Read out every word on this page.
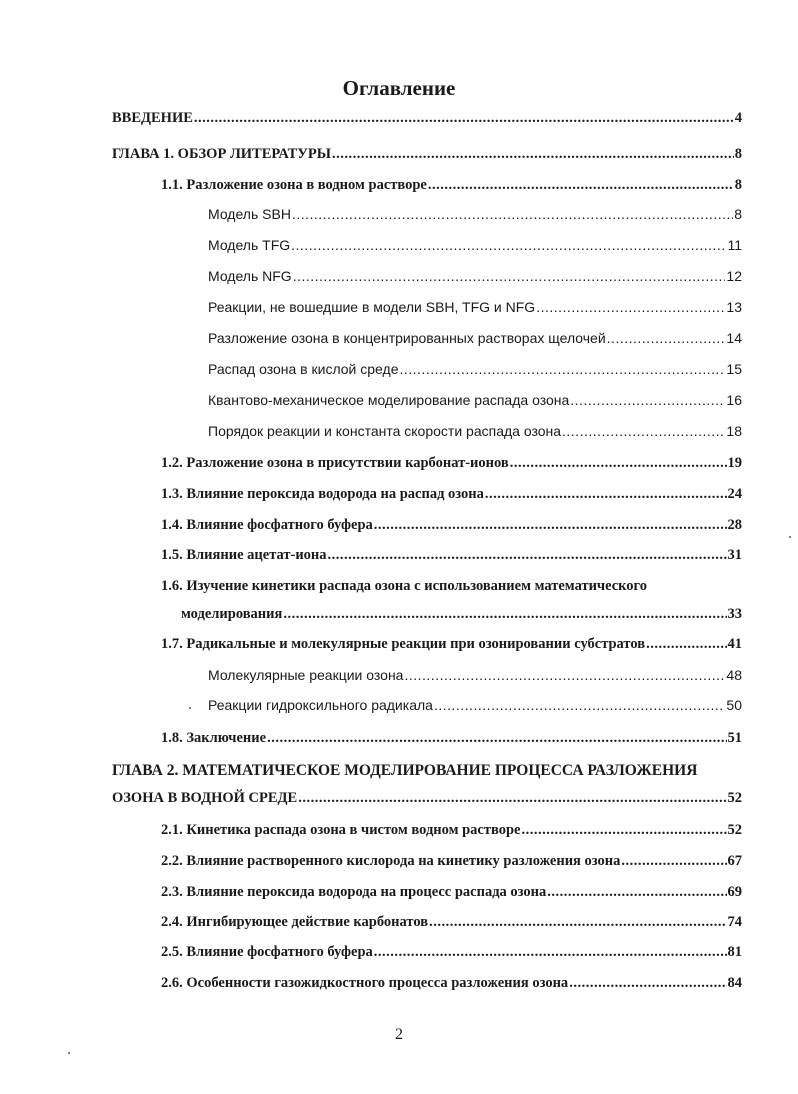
Оглавление
ВВЕДЕНИЕ .....	4
ГЛАВА 1. ОБЗОР ЛИТЕРАТУРЫ .....	8
1.1. Разложение озона в водном растворе .....	8
Модель SBH .....	8
Модель TFG .....	11
Модель NFG .....	12
Реакции, не вошедшие в модели SBH, TFG и NFG .....	13
Разложение озона в концентрированных растворах щелочей .....	14
Распад озона в кислой среде .....	15
Квантово-механическое моделирование распада озона .....	16
Порядок реакции и константа скорости распада озона .....	18
1.2. Разложение озона в присутствии карбонат-ионов .....	19
1.3. Влияние пероксида водорода на распад озона .....	24
1.4. Влияние фосфатного буфера .....	28
1.5. Влияние ацетат-иона .....	31
1.6. Изучение кинетики распада озона с использованием математического
моделирования .....	33
1.7. Радикальные и молекулярные реакции при озонировании субстратов .....	41
Молекулярные реакции озона .....	48
Реакции гидроксильного радикала .....	50
1.8. Заключение .....	51
ГЛАВА 2. МАТЕМАТИЧЕСКОЕ МОДЕЛИРОВАНИЕ ПРОЦЕССА РАЗЛОЖЕНИЯ
ОЗОНА В ВОДНОЙ СРЕДЕ .....	52
2.1. Кинетика распада озона в чистом водном растворе .....	52
2.2. Влияние растворенного кислорода на кинетику разложения озона .....	67
2.3. Влияние пероксида водорода на процесс распада озона .....	69
2.4. Ингибирующее действие карбонатов .....	74
2.5. Влияние фосфатного буфера .....	81
2.6. Особенности газожидкостного процесса разложения озона .....	84
2
